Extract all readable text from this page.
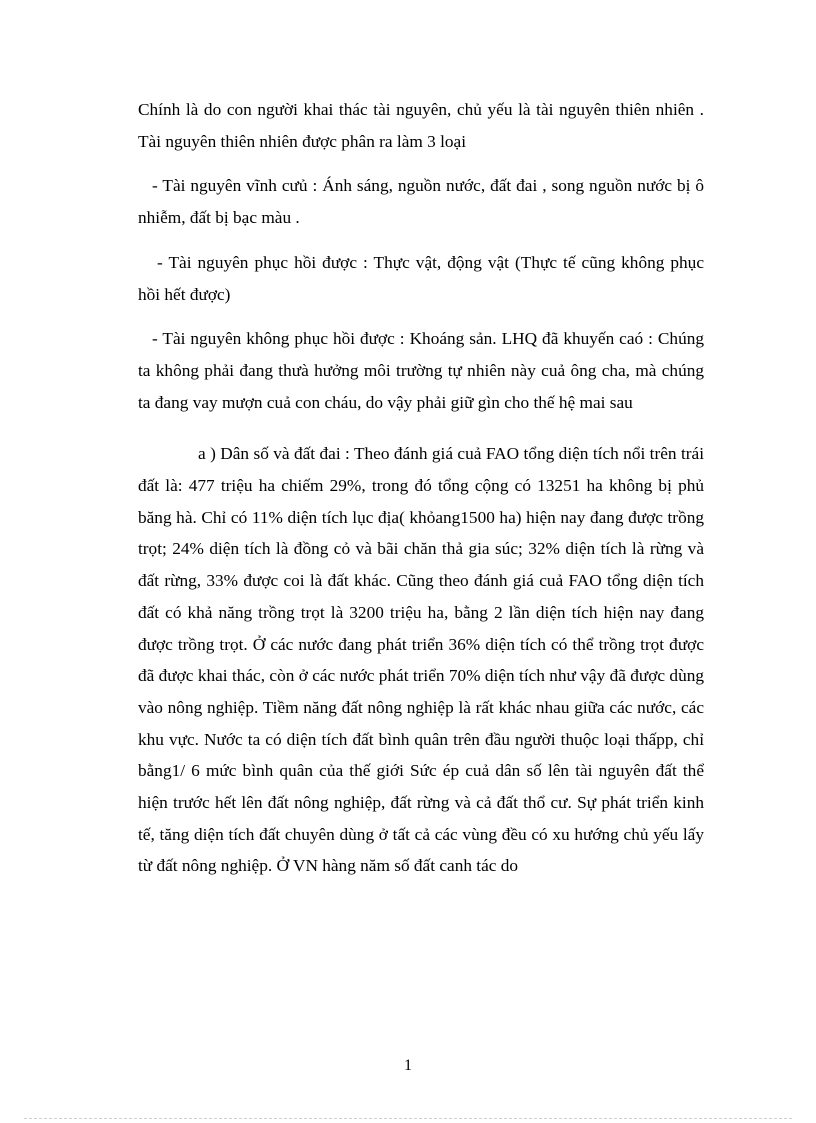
Chính là do con người khai thác tài nguyên, chủ yếu là tài nguyên thiên nhiên . Tài nguyên thiên nhiên được phân ra làm 3 loại

- Tài nguyên vĩnh cưủ : Ánh sáng, nguồn nước, đất đai , song nguồn nước bị ô nhiễm, đất bị bạc màu .

- Tài nguyên phục hồi được : Thực vật, động vật (Thực tế cũng không phục hồi hết được)

- Tài nguyên không phục hồi được : Khoáng sản. LHQ đã khuyến caó : Chúng ta không phải đang thưà hưởng môi trường tự nhiên này cuả ông cha, mà chúng ta đang vay mượn cuả con cháu, do vậy phải giữ gìn cho thế hệ mai sau

a ) Dân số và đất đai : Theo đánh giá cuả FAO tổng diện tích nổi trên trái đất là: 477 triệu ha chiếm 29%, trong đó tổng cộng có 13251 ha không bị phủ băng hà. Chỉ có 11% diện tích lục địa( khỏang1500 ha) hiện nay đang được trồng trọt; 24% diện tích là đồng cỏ và bãi chăn thả gia súc; 32% diện tích là rừng và đất rừng, 33% được coi là đất khác. Cũng theo đánh giá cuả FAO tổng diện tích đất có khả năng trồng trọt là 3200 triệu ha, bằng 2 lần diện tích hiện nay đang được trồng trọt. Ở các nước đang phát triển 36% diện tích có thể trồng trọt được đã được khai thác, còn ở các nước phát triển 70% diện tích như vậy đã được dùng vào nông nghiệp. Tiềm năng đất nông nghiệp là rất khác nhau giữa các nước, các khu vực. Nước ta có diện tích đất bình quân trên đầu người thuộc loại thấpp, chỉ bằng1/ 6 mức bình quân của thế giới Sức ép cuả dân số lên tài nguyên đất thể hiện trước hết lên đất nông nghiệp, đất rừng và cả đất thổ cư. Sự phát triển kinh tế, tăng diện tích đất chuyên dùng ở tất cả các vùng đều có xu hướng chủ yếu lấy từ đất nông nghiệp. Ở VN hàng năm số đất canh tác do

1
